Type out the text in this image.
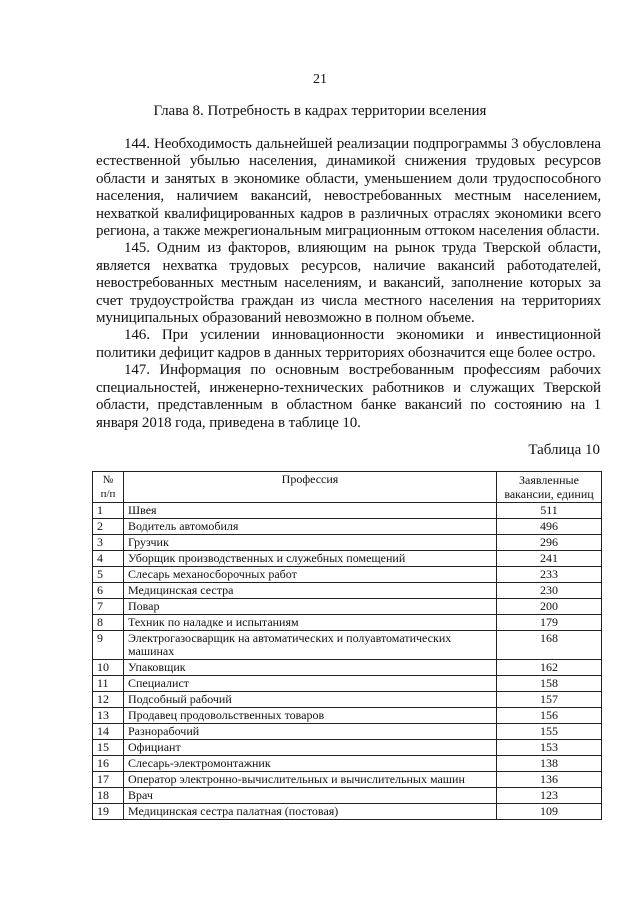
21
Глава 8. Потребность в кадрах территории вселения

144. Необходимость дальнейшей реализации подпрограммы 3 обусловлена естественной убылью населения, динамикой снижения трудовых ресурсов области и занятых в экономике области, уменьшением доли трудоспособного населения, наличием вакансий, невостребованных местным населением, нехваткой квалифицированных кадров в различных отраслях экономики всего региона, а также межрегиональным миграционным оттоком населения области.

145. Одним из факторов, влияющим на рынок труда Тверской области, является нехватка трудовых ресурсов, наличие вакансий работодателей, невостребованных местным населениям, и вакансий, заполнение которых за счет трудоустройства граждан из числа местного населения на территориях муниципальных образований невозможно в полном объеме.

146. При усилении инновационности экономики и инвестиционной политики дефицит кадров в данных территориях обозначится еще более остро.

147. Информация по основным востребованным профессиям рабочих специальностей, инженерно-технических работников и служащих Тверской области, представленным в областном банке вакансий по состоянию на 1 января 2018 года, приведена в таблице 10.

Таблица 10
№
п/п	Профессия	Заявленные
вакансии, единиц
1	Швея	511
2	Водитель автомобиля	496
3	Грузчик	296
4	Уборщик производственных и служебных помещений	241
5	Слесарь механосборочных работ	233
6	Медицинская сестра	230
7	Повар	200
8	Техник по наладке и испытаниям	179
9	Электрогазосварщик на автоматических и полуавтоматических машинах	168
10	Упаковщик	162
11	Специалист	158
12	Подсобный рабочий	157
13	Продавец продовольственных товаров	156
14	Разнорабочий	155
15	Официант	153
16	Слесарь-электромонтажник	138
17	Оператор электронно-вычислительных и вычислительных машин	136
18	Врач	123
19	Медицинская сестра палатная (постовая)	109
